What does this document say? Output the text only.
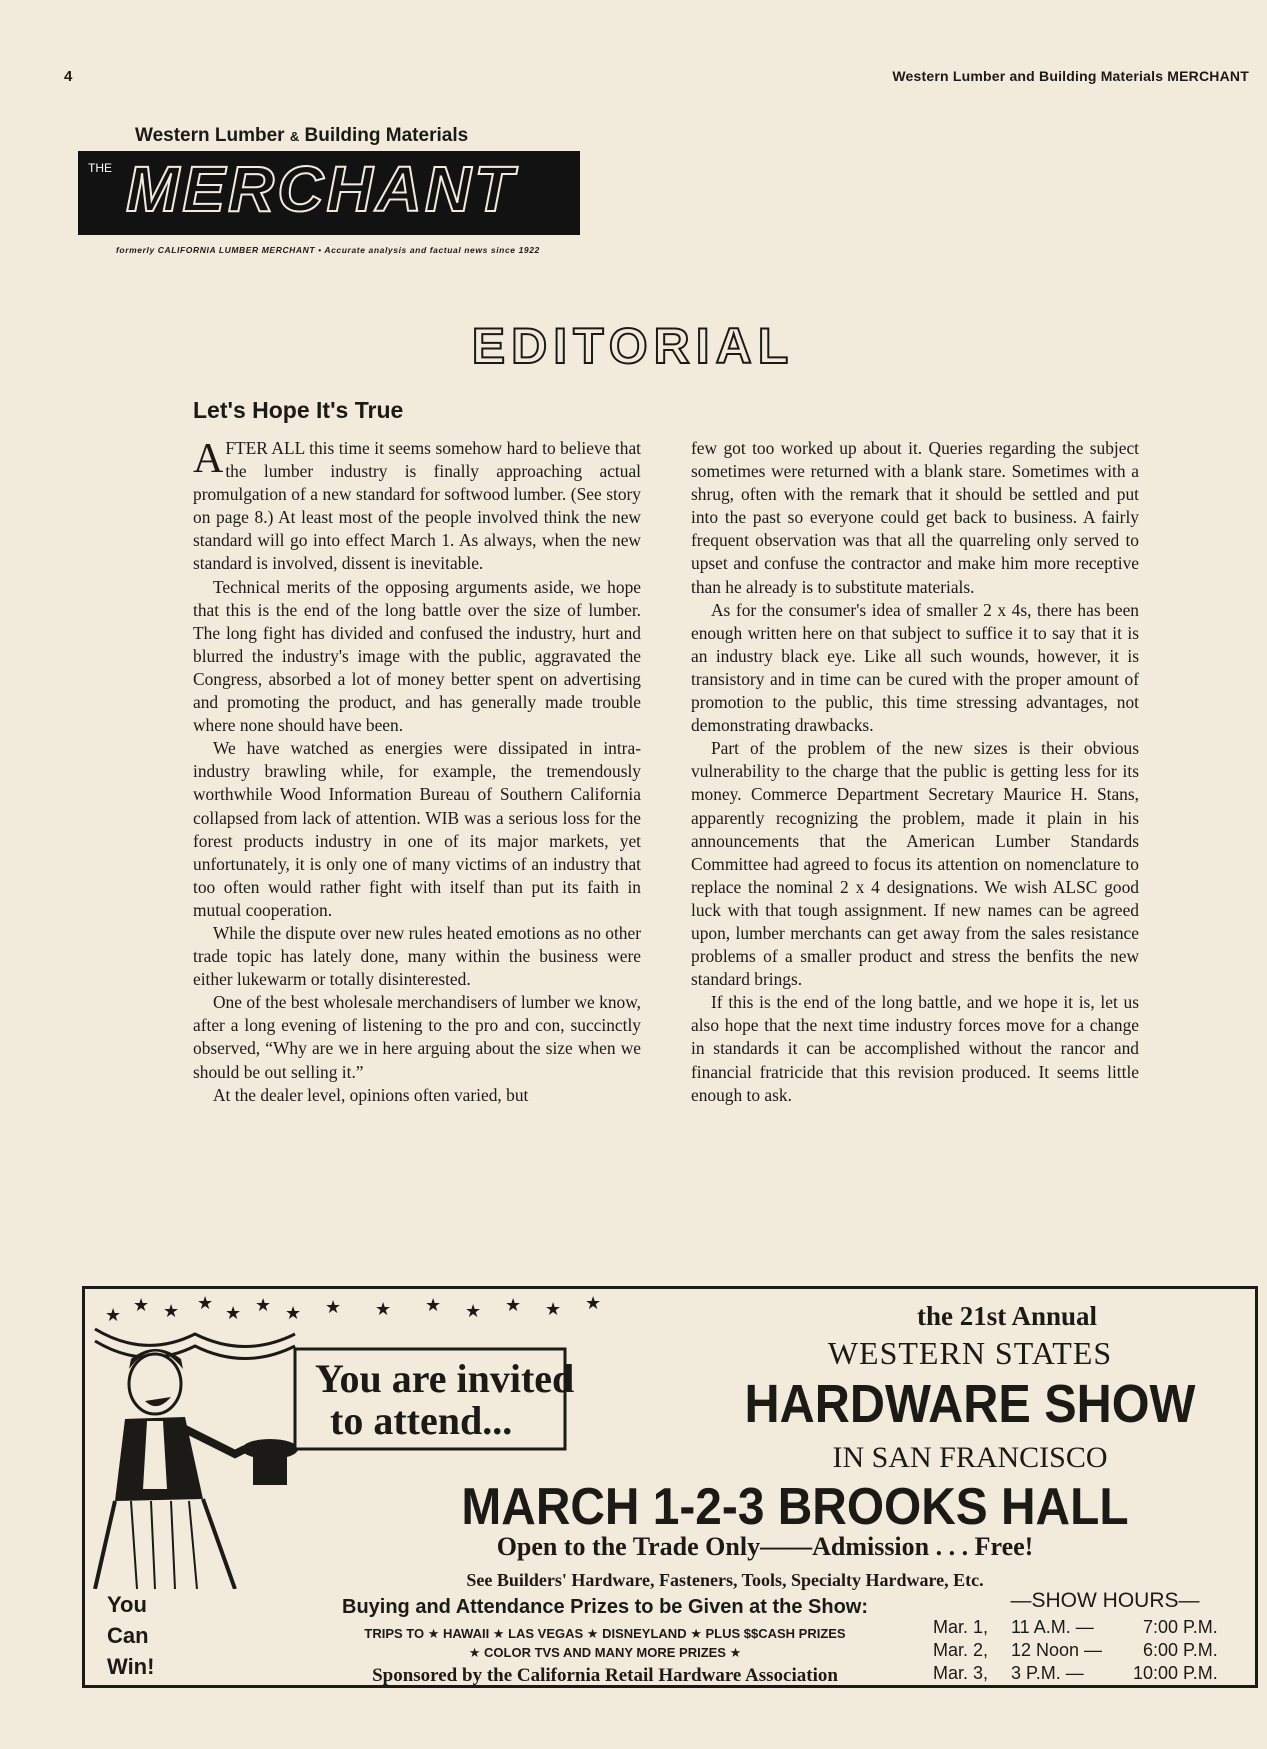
4	Western Lumber and Building Materials MERCHANT
Western Lumber & Building Materials
THE MERCHANT
formerly CALIFORNIA LUMBER MERCHANT • Accurate analysis and factual news since 1922
EDITORIAL
Let's Hope It's True

AFTER ALL this time it seems somehow hard to believe that the lumber industry is finally approaching actual promulgation of a new standard for softwood lumber. (See story on page 8.) At least most of the people involved think the new standard will go into effect March 1. As always, when the new standard is involved, dissent is inevitable.

Technical merits of the opposing arguments aside, we hope that this is the end of the long battle over the size of lumber. The long fight has divided and confused the industry, hurt and blurred the industry's image with the public, aggravated the Congress, absorbed a lot of money better spent on advertising and promoting the product, and has generally made trouble where none should have been.

We have watched as energies were dissipated in intra-industry brawling while, for example, the tremendously worthwhile Wood Information Bureau of Southern California collapsed from lack of attention. WIB was a serious loss for the forest products industry in one of its major markets, yet unfortunately, it is only one of many victims of an industry that too often would rather fight with itself than put its faith in mutual cooperation.

While the dispute over new rules heated emotions as no other trade topic has lately done, many within the business were either lukewarm or totally disinterested.

One of the best wholesale merchandisers of lumber we know, after a long evening of listening to the pro and con, succinctly observed, “Why are we in here arguing about the size when we should be out selling it.”

At the dealer level, opinions often varied, but

few got too worked up about it. Queries regarding the subject sometimes were returned with a blank stare. Sometimes with a shrug, often with the remark that it should be settled and put into the past so everyone could get back to business. A fairly frequent observation was that all the quarreling only served to upset and confuse the contractor and make him more receptive than he already is to substitute materials.

As for the consumer's idea of smaller 2 x 4s, there has been enough written here on that subject to suffice it to say that it is an industry black eye. Like all such wounds, however, it is transistory and in time can be cured with the proper amount of promotion to the public, this time stressing advantages, not demonstrating drawbacks.

Part of the problem of the new sizes is their obvious vulnerability to the charge that the public is getting less for its money. Commerce Department Secretary Maurice H. Stans, apparently recognizing the problem, made it plain in his announcements that the American Lumber Standards Committee had agreed to focus its attention on nomenclature to replace the nominal 2 x 4 designations. We wish ALSC good luck with that tough assignment. If new names can be agreed upon, lumber merchants can get away from the sales resistance problems of a smaller product and stress the benfits the new standard brings.

If this is the end of the long battle, and we hope it is, let us also hope that the next time industry forces move for a change in standards it can be accomplished without the rancor and financial fratricide that this revision produced. It seems little enough to ask.

★ ★ ★ ★ ★ ★ ★ ★ ★ ★ ★ ★ ★ ★
You are invited
to attend...
the 21st Annual
WESTERN STATES
HARDWARE SHOW
IN SAN FRANCISCO
MARCH 1-2-3 BROOKS HALL
Open to the Trade Only——Admission . . . Free!
See Builders' Hardware, Fasteners, Tools, Specialty Hardware, Etc.
You
Can
Win!
Buying and Attendance Prizes to be Given at the Show:
TRIPS TO ★ HAWAII ★ LAS VEGAS ★ DISNEYLAND ★ PLUS $$CASH PRIZES
★ COLOR TVS AND MANY MORE PRIZES ★
Sponsored by the California Retail Hardware Association
—SHOW HOURS—
Mar. 1, 11 A.M. —	7:00 P.M.
Mar. 2, 12 Noon — 6:00 P.M.
Mar. 3, 3 P.M. —	10:00 P.M.
